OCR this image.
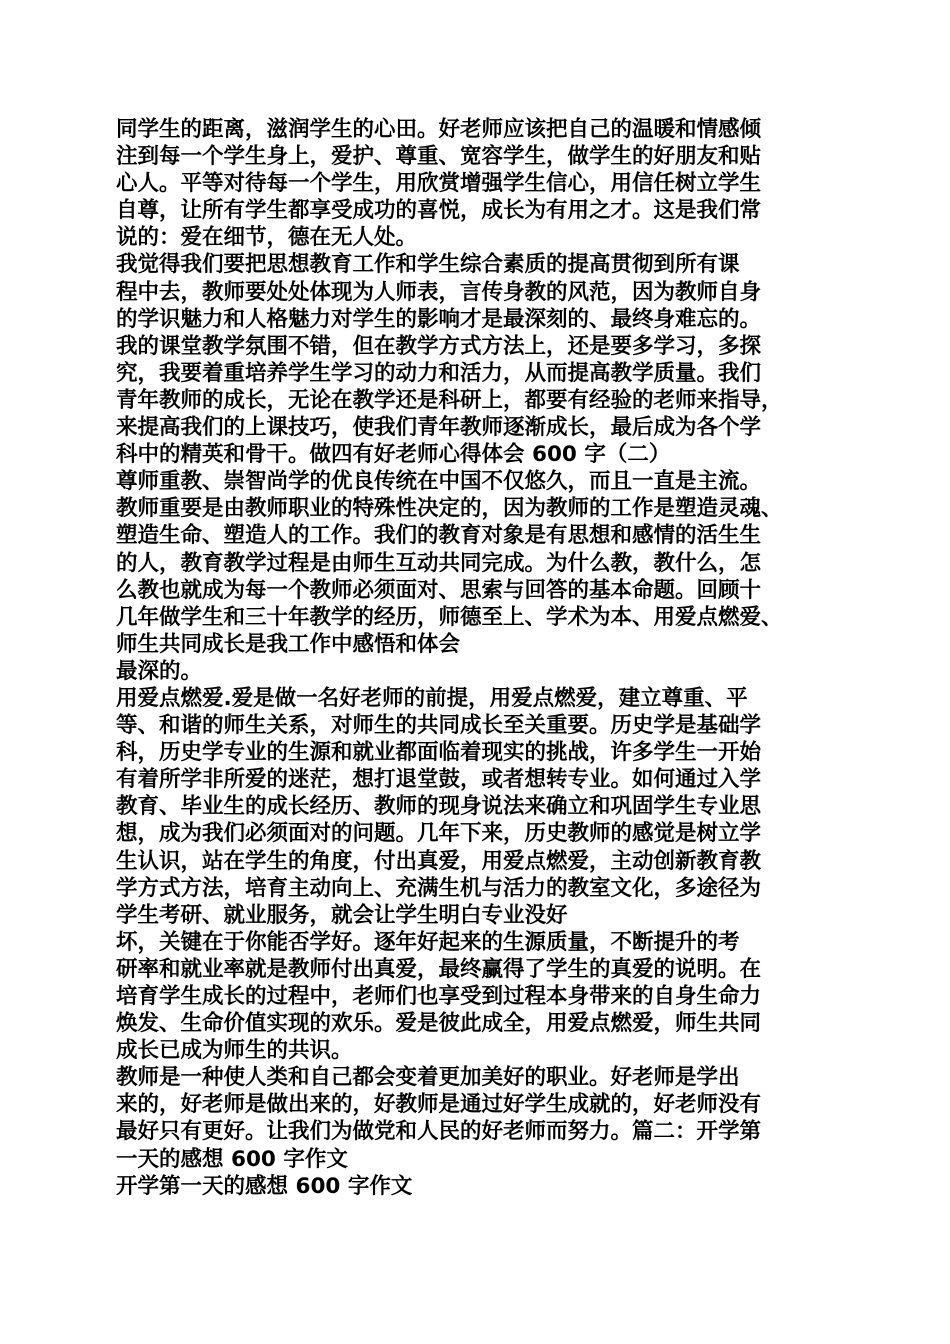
同学生的距离，滋润学生的心田。好老师应该把自己的温暖和情感倾
注到每一个学生身上，爱护、尊重、宽容学生，做学生的好朋友和贴
心人。平等对待每一个学生，用欣赏增强学生信心，用信任树立学生
自尊，让所有学生都享受成功的喜悦，成长为有用之才。这是我们常
说的：爱在细节，德在无人处。
我觉得我们要把思想教育工作和学生综合素质的提高贯彻到所有课
程中去，教师要处处体现为人师表，言传身教的风范，因为教师自身
的学识魅力和人格魅力对学生的影响才是最深刻的、最终身难忘的。
我的课堂教学氛围不错，但在教学方式方法上，还是要多学习，多探
究，我要着重培养学生学习的动力和活力，从而提高教学质量。我们
青年教师的成长，无论在教学还是科研上，都要有经验的老师来指导，
来提高我们的上课技巧，使我们青年教师逐渐成长，最后成为各个学
科中的精英和骨干。做四有好老师心得体会 600 字（二）
尊师重教、崇智尚学的优良传统在中国不仅悠久，而且一直是主流。
教师重要是由教师职业的特殊性决定的，因为教师的工作是塑造灵魂、
塑造生命、塑造人的工作。我们的教育对象是有思想和感情的活生生
的人，教育教学过程是由师生互动共同完成。为什么教，教什么，怎
么教也就成为每一个教师必须面对、思索与回答的基本命题。回顾十
几年做学生和三十年教学的经历，师德至上、学术为本、用爱点燃爱、
师生共同成长是我工作中感悟和体会
最深的。
用爱点燃爱.爱是做一名好老师的前提，用爱点燃爱，建立尊重、平
等、和谐的师生关系，对师生的共同成长至关重要。历史学是基础学
科，历史学专业的生源和就业都面临着现实的挑战，许多学生一开始
有着所学非所爱的迷茫，想打退堂鼓，或者想转专业。如何通过入学
教育、毕业生的成长经历、教师的现身说法来确立和巩固学生专业思
想，成为我们必须面对的问题。几年下来，历史教师的感觉是树立学
生认识，站在学生的角度，付出真爱，用爱点燃爱，主动创新教育教
学方式方法，培育主动向上、充满生机与活力的教室文化，多途径为
学生考研、就业服务，就会让学生明白专业没好
坏，关键在于你能否学好。逐年好起来的生源质量，不断提升的考
研率和就业率就是教师付出真爱，最终赢得了学生的真爱的说明。在
培育学生成长的过程中，老师们也享受到过程本身带来的自身生命力
焕发、生命价值实现的欢乐。爱是彼此成全，用爱点燃爱，师生共同
成长已成为师生的共识。
教师是一种使人类和自己都会变着更加美好的职业。好老师是学出
来的，好老师是做出来的，好教师是通过好学生成就的，好老师没有
最好只有更好。让我们为做党和人民的好老师而努力。篇二：开学第
一天的感想 600 字作文
开学第一天的感想 600 字作文
